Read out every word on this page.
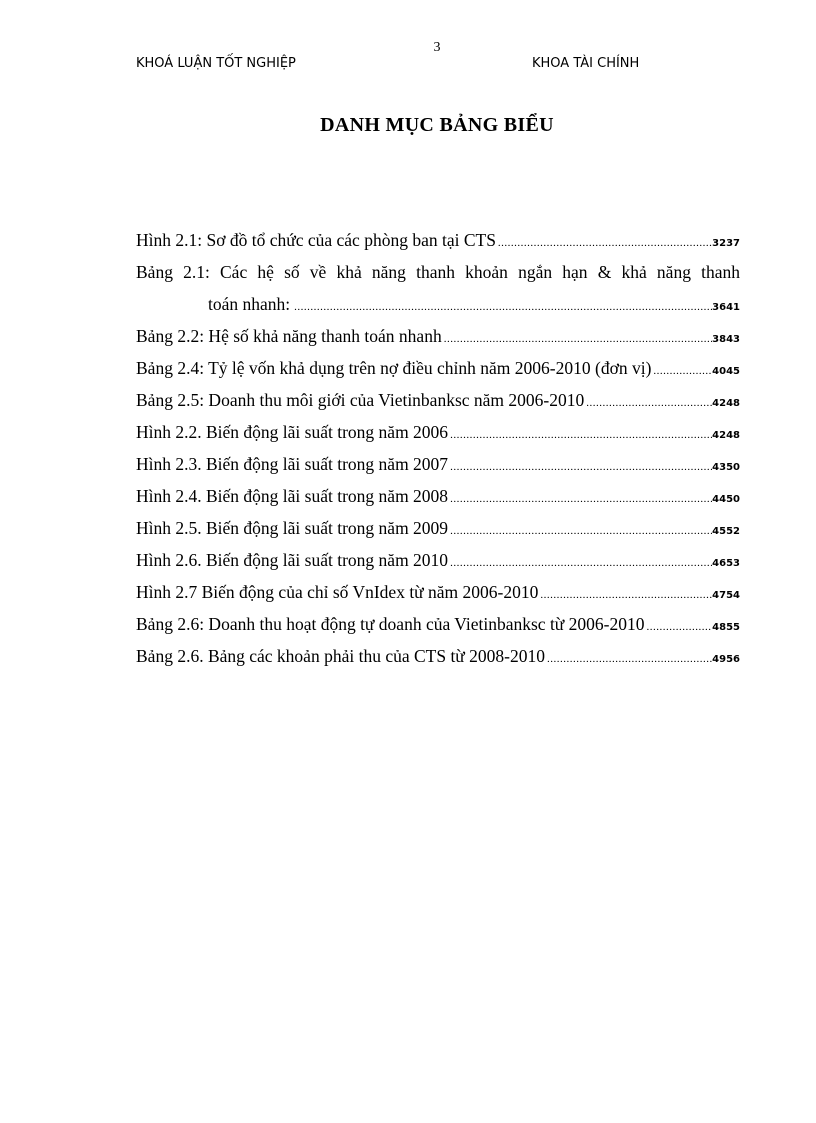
3
KHOÁ LUẬN TỐT NGHIỆP	KHOA TÀI CHÍNH
DANH MỤC BẢNG BIỂU
Hình 2.1: Sơ đồ tổ chức của các phòng ban tại CTS .....	3237
Bảng 2.1: Các hệ số về khả năng thanh khoản ngắn hạn & khả năng thanh
toán nhanh: .....	3641
Bảng 2.2: Hệ số khả năng thanh toán nhanh .....	3843
Bảng 2.4: Tỷ lệ vốn khả dụng trên nợ điều chỉnh năm 2006-2010 (đơn vị) .....	4045
Bảng 2.5: Doanh thu môi giới của Vietinbanksc năm 2006-2010 .....	4248
Hình 2.2. Biến động lãi suất trong năm 2006 .....	4248
Hình 2.3. Biến động lãi suất trong năm 2007 .....	4350
Hình 2.4. Biến động lãi suất trong năm 2008 .....	4450
Hình 2.5. Biến động lãi suất trong năm 2009 .....	4552
Hình 2.6. Biến động lãi suất trong năm 2010 .....	4653
Hình 2.7 Biến động của chỉ số VnIdex từ năm 2006-2010 .....	4754
Bảng 2.6: Doanh thu hoạt động tự doanh của Vietinbanksc từ 2006-2010 .....	4855
Bảng 2.6. Bảng các khoản phải thu của CTS từ 2008-2010 .....	4956
